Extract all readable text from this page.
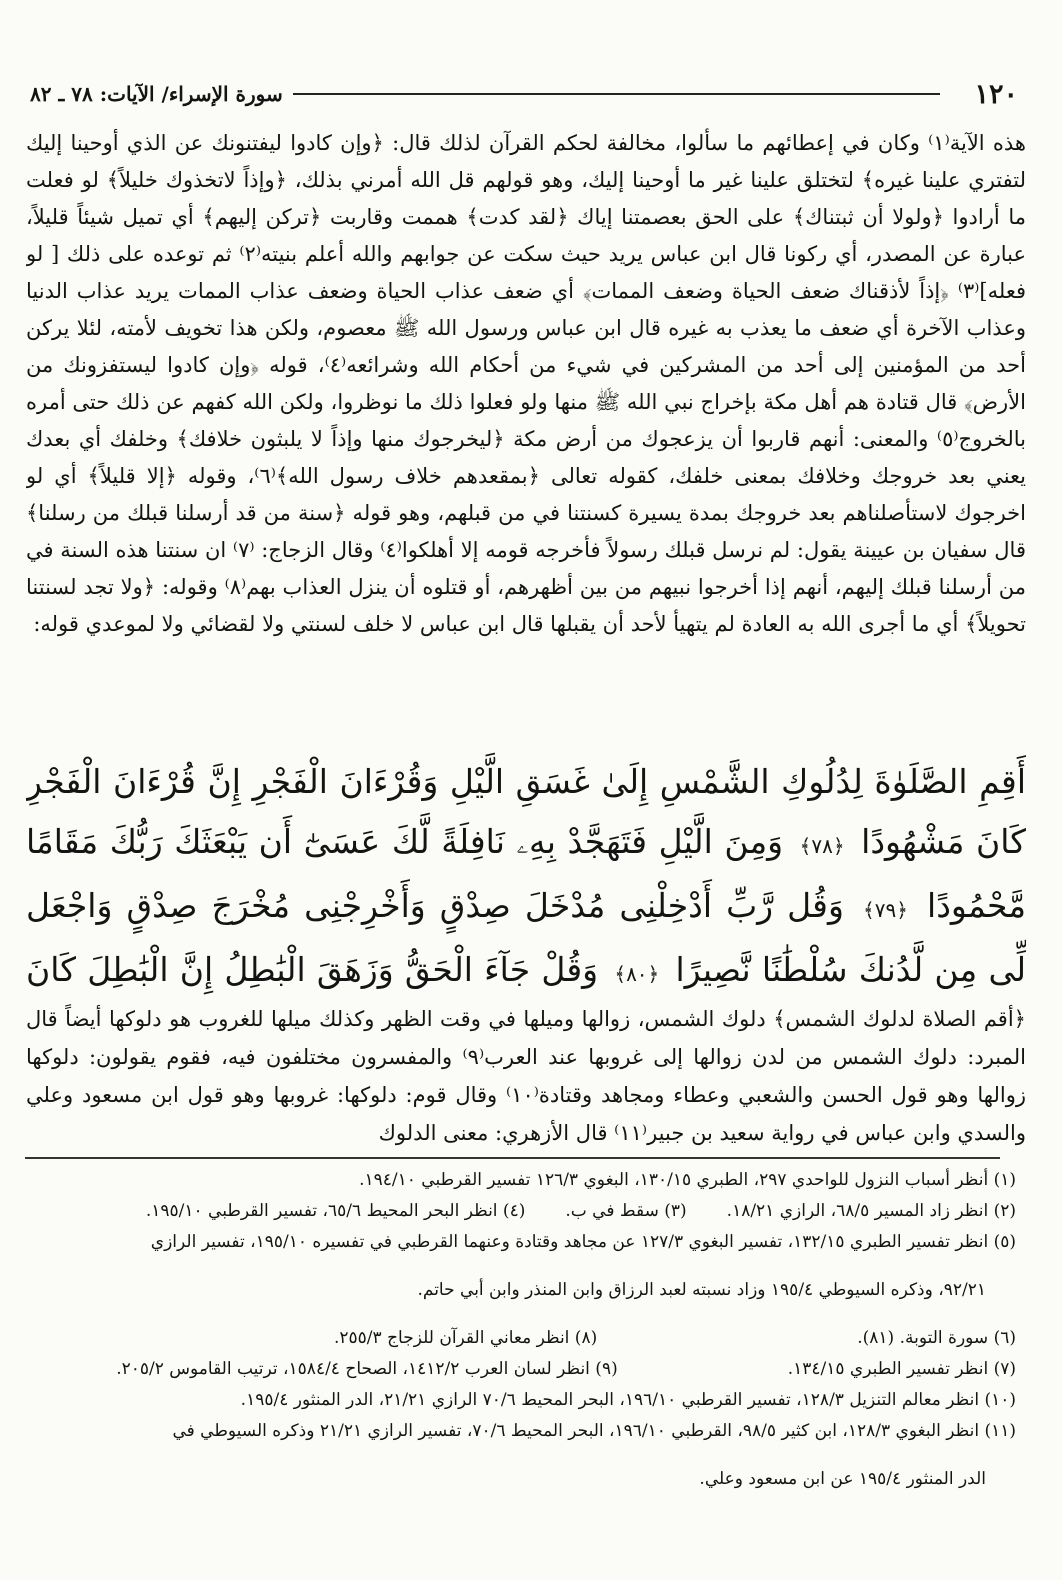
١٢٠
سورة الإسراء/ الآيات: ٧٨ ـ ٨٢

هذه الآية⁽١⁾ وكان في إعطائهم ما سألوا، مخالفة لحكم القرآن لذلك قال: ﴿وإن كادوا ليفتنونك عن الذي أوحينا إليك لتفتري علينا غيره﴾ لتختلق علينا غير ما أوحينا إليك، وهو قولهم قل الله أمرني بذلك، ﴿وإذاً لاتخذوك خليلاً﴾ لو فعلت ما أرادوا ﴿ولولا أن ثبتناك﴾ على الحق بعصمتنا إياك ﴿لقد كدت﴾ هممت وقاربت ﴿تركن إليهم﴾ أي تميل شيئاً قليلاً، عبارة عن المصدر، أي ركونا قال ابن عباس يريد حيث سكت عن جوابهم والله أعلم بنيته⁽٢⁾ ثم توعده على ذلك [ لو فعله]⁽٣⁾ ﴿إذاً لأذقناك ضعف الحياة وضعف الممات﴾ أي ضعف عذاب الحياة وضعف عذاب الممات يريد عذاب الدنيا وعذاب الآخرة أي ضعف ما يعذب به غيره قال ابن عباس ورسول الله ﷺ معصوم، ولكن هذا تخويف لأمته، لئلا يركن أحد من المؤمنين إلى أحد من المشركين في شيء من أحكام الله وشرائعه⁽٤⁾، قوله ﴿وإن كادوا ليستفزونك من الأرض﴾ قال قتادة هم أهل مكة بإخراج نبي الله ﷺ منها ولو فعلوا ذلك ما نوظروا، ولكن الله كفهم عن ذلك حتى أمره بالخروج⁽٥⁾ والمعنى: أنهم قاربوا أن يزعجوك من أرض مكة ﴿ليخرجوك منها وإذاً لا يلبثون خلافك﴾ وخلفك أي بعدك يعني بعد خروجك وخلافك بمعنى خلفك، كقوله تعالى ﴿بمقعدهم خلاف رسول الله﴾⁽٦⁾، وقوله ﴿إلا قليلاً﴾ أي لو اخرجوك لاستأصلناهم بعد خروجك بمدة يسيرة كسنتنا في من قبلهم، وهو قوله ﴿سنة من قد أرسلنا قبلك من رسلنا﴾ قال سفيان بن عيينة يقول: لم نرسل قبلك رسولاً فأخرجه قومه إلا أهلكوا⁽٤⁾ وقال الزجاج: ⁽٧⁾ ان سنتنا هذه السنة في من أرسلنا قبلك إليهم، أنهم إذا أخرجوا نبيهم من بين أظهرهم، أو قتلوه أن ينزل العذاب بهم⁽٨⁾ وقوله: ﴿ولا تجد لسنتنا تحويلاً﴾ أي ما أجرى الله به العادة لم يتهيأ لأحد أن يقبلها قال ابن عباس لا خلف لسنتي ولا لقضائي ولا لموعدي قوله:

أَقِمِ الصَّلَوٰةَ لِدُلُوكِ الشَّمْسِ إِلَىٰ غَسَقِ الَّيْلِ وَقُرْءَانَ الْفَجْرِ إِنَّ قُرْءَانَ الْفَجْرِ كَانَ مَشْهُودًا ﴿٧٨﴾ وَمِنَ الَّيْلِ فَتَهَجَّدْ بِهِۦ نَافِلَةً لَّكَ عَسَىٰٓ أَن يَبْعَثَكَ رَبُّكَ مَقَامًا مَّحْمُودًا ﴿٧٩﴾ وَقُل رَّبِّ أَدْخِلْنِى مُدْخَلَ صِدْقٍ وَأَخْرِجْنِى مُخْرَجَ صِدْقٍ وَاجْعَل لِّى مِن لَّدُنكَ سُلْطَٰنًا نَّصِيرًا ﴿٨٠﴾ وَقُلْ جَآءَ الْحَقُّ وَزَهَقَ الْبَٰطِلُ إِنَّ الْبَٰطِلَ كَانَ
﴿أقم الصلاة لدلوك الشمس﴾ دلوك الشمس، زوالها وميلها في وقت الظهر وكذلك ميلها للغروب هو دلوكها أيضاً قال المبرد: دلوك الشمس من لدن زوالها إلى غروبها عند العرب⁽٩⁾ والمفسرون مختلفون فيه، فقوم يقولون: دلوكها زوالها وهو قول الحسن والشعبي وعطاء ومجاهد وقتادة⁽١٠⁾ وقال قوم: دلوكها: غروبها وهو قول ابن مسعود وعلي والسدي وابن عباس في رواية سعيد بن جبير⁽١١⁾ قال الأزهري: معنى الدلوك

(١) أنظر أسباب النزول للواحدي ٢٩٧، الطبري ١٣٠/١٥، البغوي ١٢٦/٣ تفسير القرطبي ١٩٤/١٠.

(٢) انظر زاد المسير ٦٨/٥، الرازي ١٨/٢١.
(٣) سقط في ب.
(٤) انظر البحر المحيط ٦٥/٦، تفسير القرطبي ١٩٥/١٠.

(٥) انظر تفسير الطبري ١٣٢/١٥، تفسير البغوي ١٢٧/٣ عن مجاهد وقتادة وعنهما القرطبي في تفسيره ١٩٥/١٠، تفسير الرازي

٩٢/٢١، وذكره السيوطي ١٩٥/٤ وزاد نسبته لعبد الرزاق وابن المنذر وابن أبي حاتم.

(٦) سورة التوبة. (٨١).
(٨) انظر معاني القرآن للزجاج ٢٥٥/٣.
(٧) انظر تفسير الطبري ١٣٤/١٥.
(٩) انظر لسان العرب ١٤١٢/٢، الصحاح ١٥٨٤/٤، ترتيب القاموس ٢٠٥/٢.

(١٠) انظر معالم التنزيل ١٢٨/٣، تفسير القرطبي ١٩٦/١٠، البحر المحيط ٧٠/٦ الرازي ٢١/٢١، الدر المنثور ١٩٥/٤.

(١١) انظر البغوي ١٢٨/٣، ابن كثير ٩٨/٥، القرطبي ١٩٦/١٠، البحر المحيط ٧٠/٦، تفسير الرازي ٢١/٢١ وذكره السيوطي في

الدر المنثور ١٩٥/٤ عن ابن مسعود وعلي.
